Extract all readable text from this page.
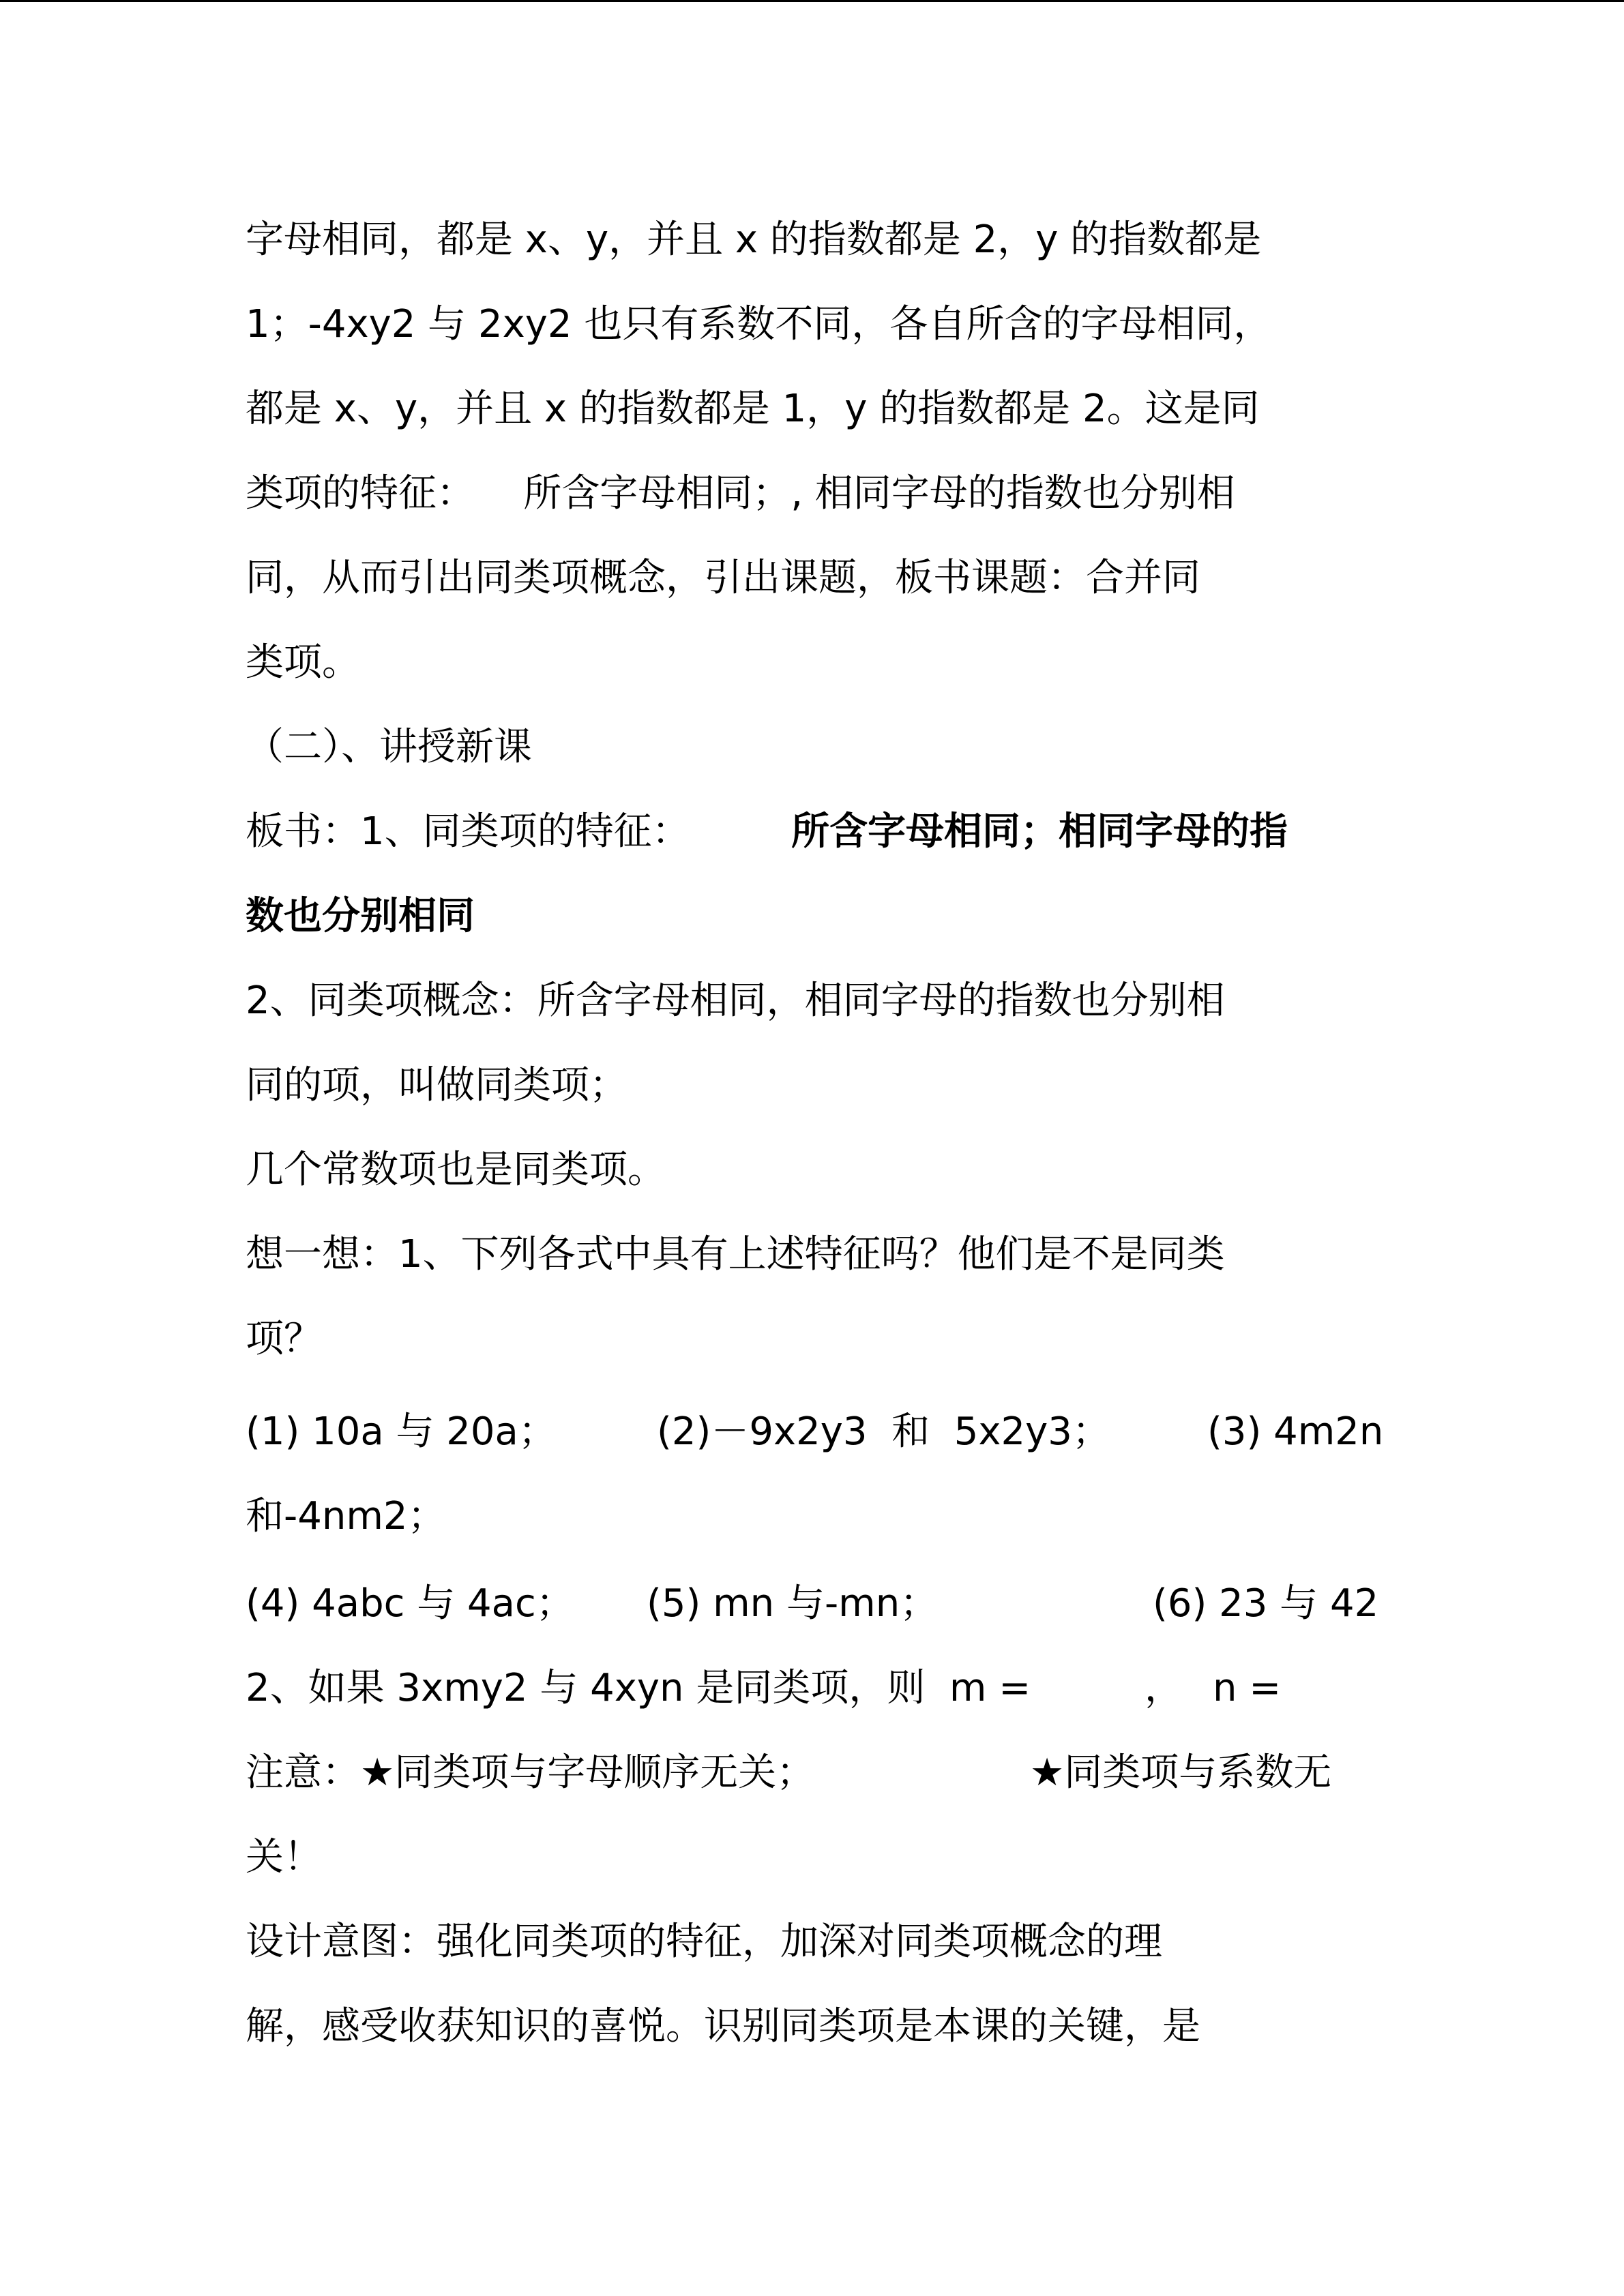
字母相同，都是 x、y，并且 x 的指数都是 2，y 的指数都是
1；-4xy2 与 2xy2 也只有系数不同，各自所含的字母相同，
都是 x、y，并且 x 的指数都是 1，y 的指数都是 2。这是同
类项的特征：    所含字母相同；, 相同字母的指数也分别相
同，从而引出同类项概念，引出课题，板书课题：合并同
类项。
（二）、讲授新课

板书：1、同类项的特征：

	所含字母相同；相同字母的指

数也分别相同
2、同类项概念：所含字母相同，相同字母的指数也分别相
同的项，叫做同类项；
几个常数项也是同类项。
想一想：1、下列各式中具有上述特征吗？他们是不是同类
项？

(1) 10a 与 20a；

	(2)－9x2y3  和  5x2y3；

	(3) 4m2n

和-4nm2；

(4) 4abc 与 4ac；

(5) mn 与-mn；

	(6) 23 与 42

2、如果 3xmy2 与 4xyn 是同类项，则  m =

	，

n =

注意：★同类项与字母顺序无关；

	★同类项与系数无

关！
设计意图：强化同类项的特征，加深对同类项概念的理
解，感受收获知识的喜悦。识别同类项是本课的关键，是
